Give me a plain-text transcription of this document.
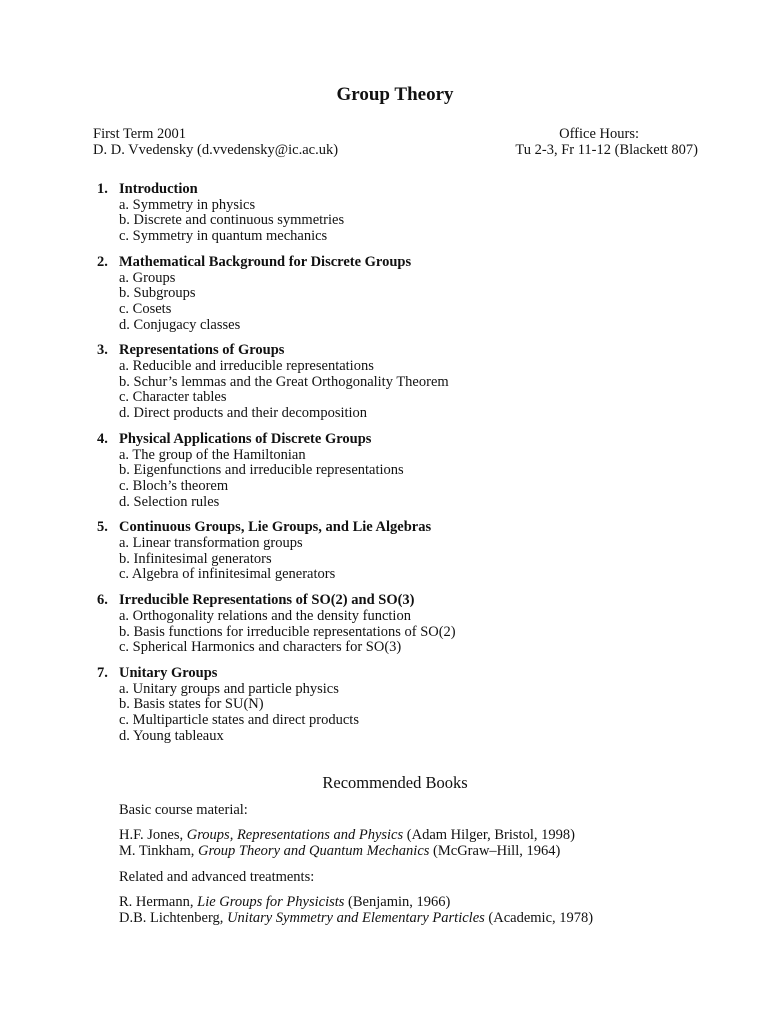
Group Theory
First Term 2001	Office Hours:
D. D. Vvedensky (d.vvedensky@ic.ac.uk)	Tu 2-3, Fr 11-12 (Blackett 807)
1. Introduction
a. Symmetry in physics
b. Discrete and continuous symmetries
c. Symmetry in quantum mechanics
2. Mathematical Background for Discrete Groups
a. Groups
b. Subgroups
c. Cosets
d. Conjugacy classes
3. Representations of Groups
a. Reducible and irreducible representations
b. Schur’s lemmas and the Great Orthogonality Theorem
c. Character tables
d. Direct products and their decomposition
4. Physical Applications of Discrete Groups
a. The group of the Hamiltonian
b. Eigenfunctions and irreducible representations
c. Bloch’s theorem
d. Selection rules
5. Continuous Groups, Lie Groups, and Lie Algebras
a. Linear transformation groups
b. Infinitesimal generators
c. Algebra of infinitesimal generators
6. Irreducible Representations of SO(2) and SO(3)
a. Orthogonality relations and the density function
b. Basis functions for irreducible representations of SO(2)
c. Spherical Harmonics and characters for SO(3)
7. Unitary Groups
a. Unitary groups and particle physics
b. Basis states for SU(N)
c. Multiparticle states and direct products
d. Young tableaux
Recommended Books
Basic course material:
H.F. Jones, Groups, Representations and Physics (Adam Hilger, Bristol, 1998)
M. Tinkham, Group Theory and Quantum Mechanics (McGraw–Hill, 1964)
Related and advanced treatments:
R. Hermann, Lie Groups for Physicists (Benjamin, 1966)
D.B. Lichtenberg, Unitary Symmetry and Elementary Particles (Academic, 1978)
